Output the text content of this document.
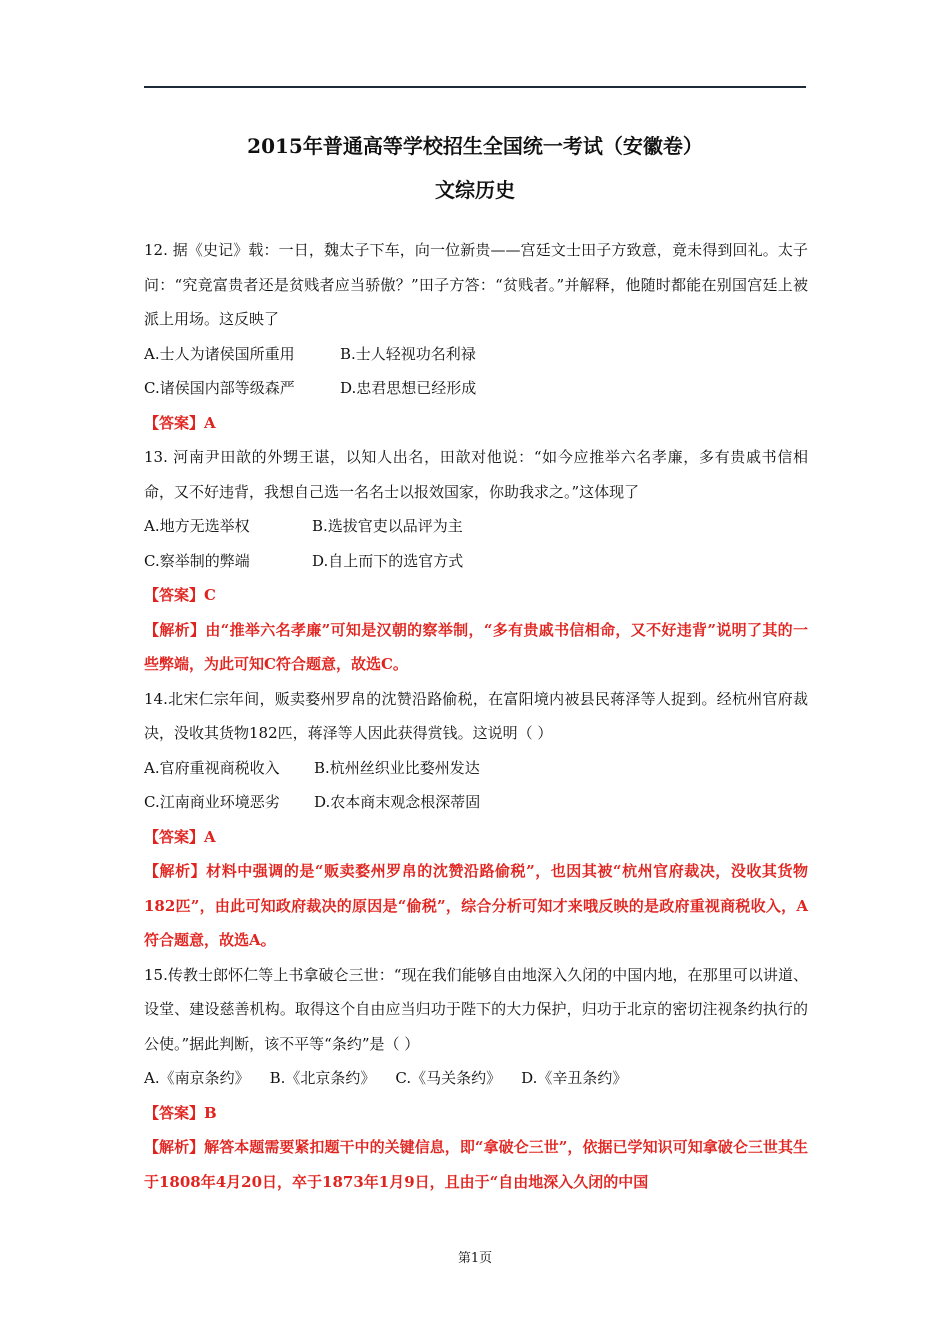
2015年普通高等学校招生全国统一考试（安徽卷）
文综历史
12. 据《史记》载：一日，魏太子下车，向一位新贵——宫廷文士田子方致意，竟未得到回礼。太子问：“究竟富贵者还是贫贱者应当骄傲？”田子方答：“贫贱者。”并解释，他随时都能在别国宫廷上被派上用场。这反映了
A.士人为诸侯国所重用	B.士人轻视功名利禄
C.诸侯国内部等级森严	D.忠君思想已经形成
【答案】A
13. 河南尹田歆的外甥王谌，以知人出名，田歆对他说：“如今应推举六名孝廉，多有贵戚书信相命，又不好违背，我想自己选一名名士以报效国家，你助我求之。”这体现了
A.地方无选举权	B.选拔官吏以品评为主
C.察举制的弊端	D.自上而下的选官方式
【答案】C
【解析】由“推举六名孝廉”可知是汉朝的察举制，“多有贵戚书信相命，又不好违背”说明了其的一些弊端，为此可知C符合题意，故选C。
14.北宋仁宗年间，贩卖婺州罗帛的沈赞沿路偷税，在富阳境内被县民蒋泽等人捉到。经杭州官府裁决，没收其货物182匹，蒋泽等人因此获得赏钱。这说明（ ）
A.官府重视商税收入 B.杭州丝织业比婺州发达
C.江南商业环境恶劣 D.农本商末观念根深蒂固
【答案】A
【解析】材料中强调的是“贩卖婺州罗帛的沈赞沿路偷税”，也因其被“杭州官府裁决，没收其货物182匹”，由此可知政府裁决的原因是“偷税”，综合分析可知才来哦反映的是政府重视商税收入，A符合题意，故选A。
15.传教士郎怀仁等上书拿破仑三世：“现在我们能够自由地深入久闭的中国内地，在那里可以讲道、设堂、建设慈善机构。取得这个自由应当归功于陛下的大力保护，归功于北京的密切注视条约执行的公使。”据此判断，该不平等“条约”是（ ）
A.《南京条约》 B.《北京条约》 C.《马关条约》 D.《辛丑条约》
【答案】B
【解析】解答本题需要紧扣题干中的关键信息，即“拿破仑三世”，依据已学知识可知拿破仑三世其生于1808年4月20日，卒于1873年1月9日，且由于“自由地深入久闭的中国
第1页
